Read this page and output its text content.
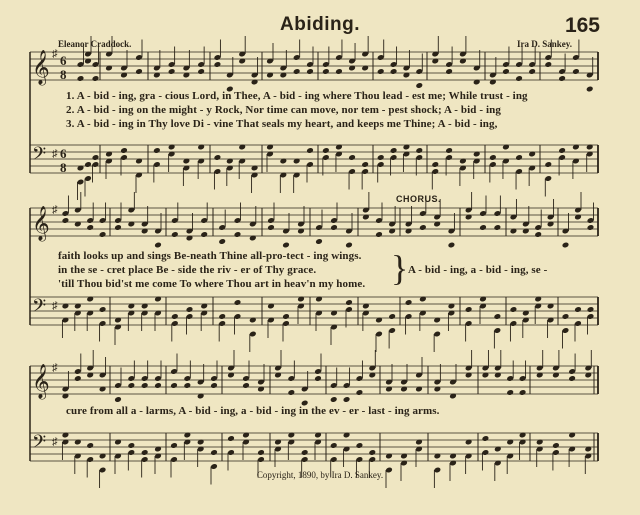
𝄞 ♯
𝄢 ♯
𝄞 ♯
𝄢 ♯
𝄞 ♯
𝄢 ♯
6
8
6
8
Abiding.	165
Eleanor Craddock.	Ira D. Sankey.
1. A - bid - ing, gra - cious Lord, in Thee, A - bid - ing where Thou lead - est me; While trust - ing
2. A - bid - ing on the might - y Rock, Nor time can move, nor tem - pest shock; A - bid - ing
3. A - bid - ing in Thy love Di - vine That seals my heart, and keeps me Thine; A - bid - ing,
CHORUS.
faith looks up and sings Be-neath Thine all-pro-tect - ing wings.
in the se - cret place Be - side the riv - er of Thy grace.
'till Thou bid'st me come To where Thou art in heav'n my home. } A - bid - ing, a - bid - ing, se -
cure from all a - larms, A - bid - ing, a - bid - ing in the ev - er - last - ing arms.
Copyright, 1890, by Ira D. Sankey.
